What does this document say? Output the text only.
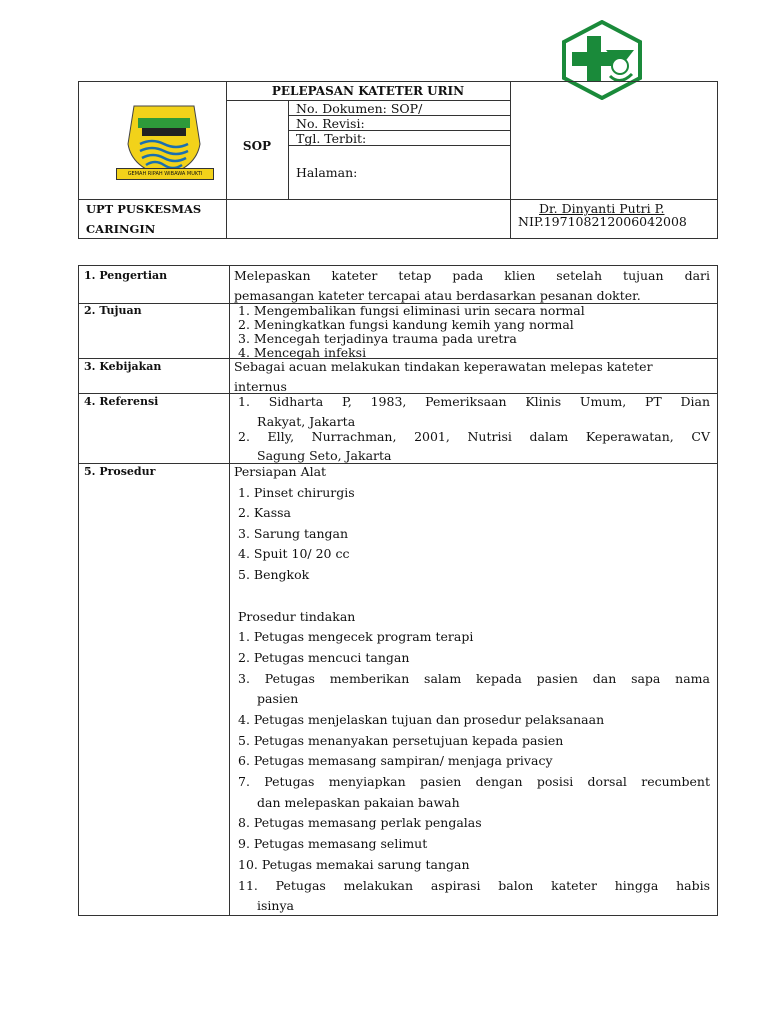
GEMAH RIPAH WIBAWA MUKTI
PELEPASAN KATETER URIN
SOP
No. Dokumen: SOP/
No. Revisi:
Tgl. Terbit:
Halaman:
UPT PUSKESMAS
CARINGIN
Dr. Dinyanti Putri P.
NIP.197108212006042008
1. Pengertian	Melepaskan kateter tetap pada klien setelah tujuan dari
pemasangan kateter tercapai atau berdasarkan pesanan dokter.
2. Tujuan	1. Mengembalikan fungsi eliminasi urin secara normal
2. Meningkatkan fungsi kandung kemih yang normal
3. Mencegah terjadinya trauma pada uretra
4. Mencegah infeksi
3. Kebijakan	Sebagai acuan melakukan tindakan keperawatan melepas kateter
internus
4. Referensi	1. Sidharta P, 1983, Pemeriksaan Klinis Umum, PT Dian
Rakyat, Jakarta
2. Elly, Nurrachman, 2001, Nutrisi dalam Keperawatan, CV
Sagung Seto, Jakarta
5. Prosedur	Persiapan Alat
1. Pinset chirurgis
2. Kassa
3. Sarung tangan
4. Spuit 10/ 20 cc
5. Bengkok
Prosedur tindakan
1. Petugas mengecek program terapi
2. Petugas mencuci tangan
3. Petugas memberikan salam kepada pasien dan sapa nama
pasien
4. Petugas menjelaskan tujuan dan prosedur pelaksanaan
5. Petugas menanyakan persetujuan kepada pasien
6. Petugas memasang sampiran/ menjaga privacy
7. Petugas menyiapkan pasien dengan posisi dorsal recumbent
dan melepaskan pakaian bawah
8. Petugas memasang perlak pengalas
9. Petugas memasang selimut
10. Petugas memakai sarung tangan
11. Petugas melakukan aspirasi balon kateter hingga habis
isinya
